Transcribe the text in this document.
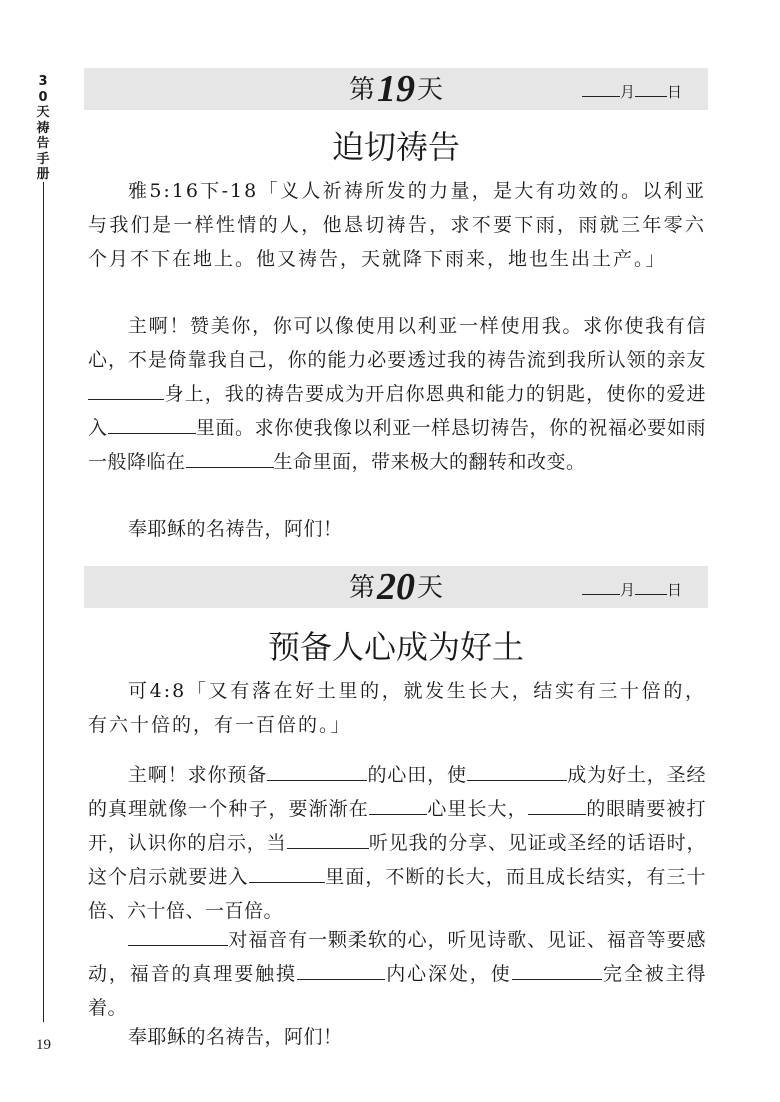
3
0
天
祷
告
手
册
19
第19天	月 日
迫切祷告

雅5:16下-18「义人祈祷所发的力量，是大有功效的。以利亚与我们是一样性情的人，他恳切祷告，求不要下雨，雨就三年零六个月不下在地上。他又祷告，天就降下雨来，地也生出土产。」

主啊！赞美你，你可以像使用以利亚一样使用我。求你使我有信心，不是倚靠我自己，你的能力必要透过我的祷告流到我所认领的亲友身上，我的祷告要成为开启你恩典和能力的钥匙，使你的爱进入	里面。求你使我像以利亚一样恳切祷告，你的祝福必要如雨一般降临在	生命里面，带来极大的翻转和改变。

奉耶稣的名祷告，阿们！

第20天	月 日
预备人心成为好土

可4:8「又有落在好土里的，就发生长大，结实有三十倍的，有六十倍的，有一百倍的。」

主啊！求你预备	的心田，使	成为好土，圣经的真理就像一个种子，要渐渐在	心里长大，	的眼睛要被打开，认识你的启示，当	听见我的分享、见证或圣经的话语时，这个启示就要进入	里面，不断的长大，而且成长结实，有三十倍、六十倍、一百倍。

对福音有一颗柔软的心，听见诗歌、见证、福音等要感动，福音的真理要触摸	内心深处，使	完全被主得着。

奉耶稣的名祷告，阿们！
